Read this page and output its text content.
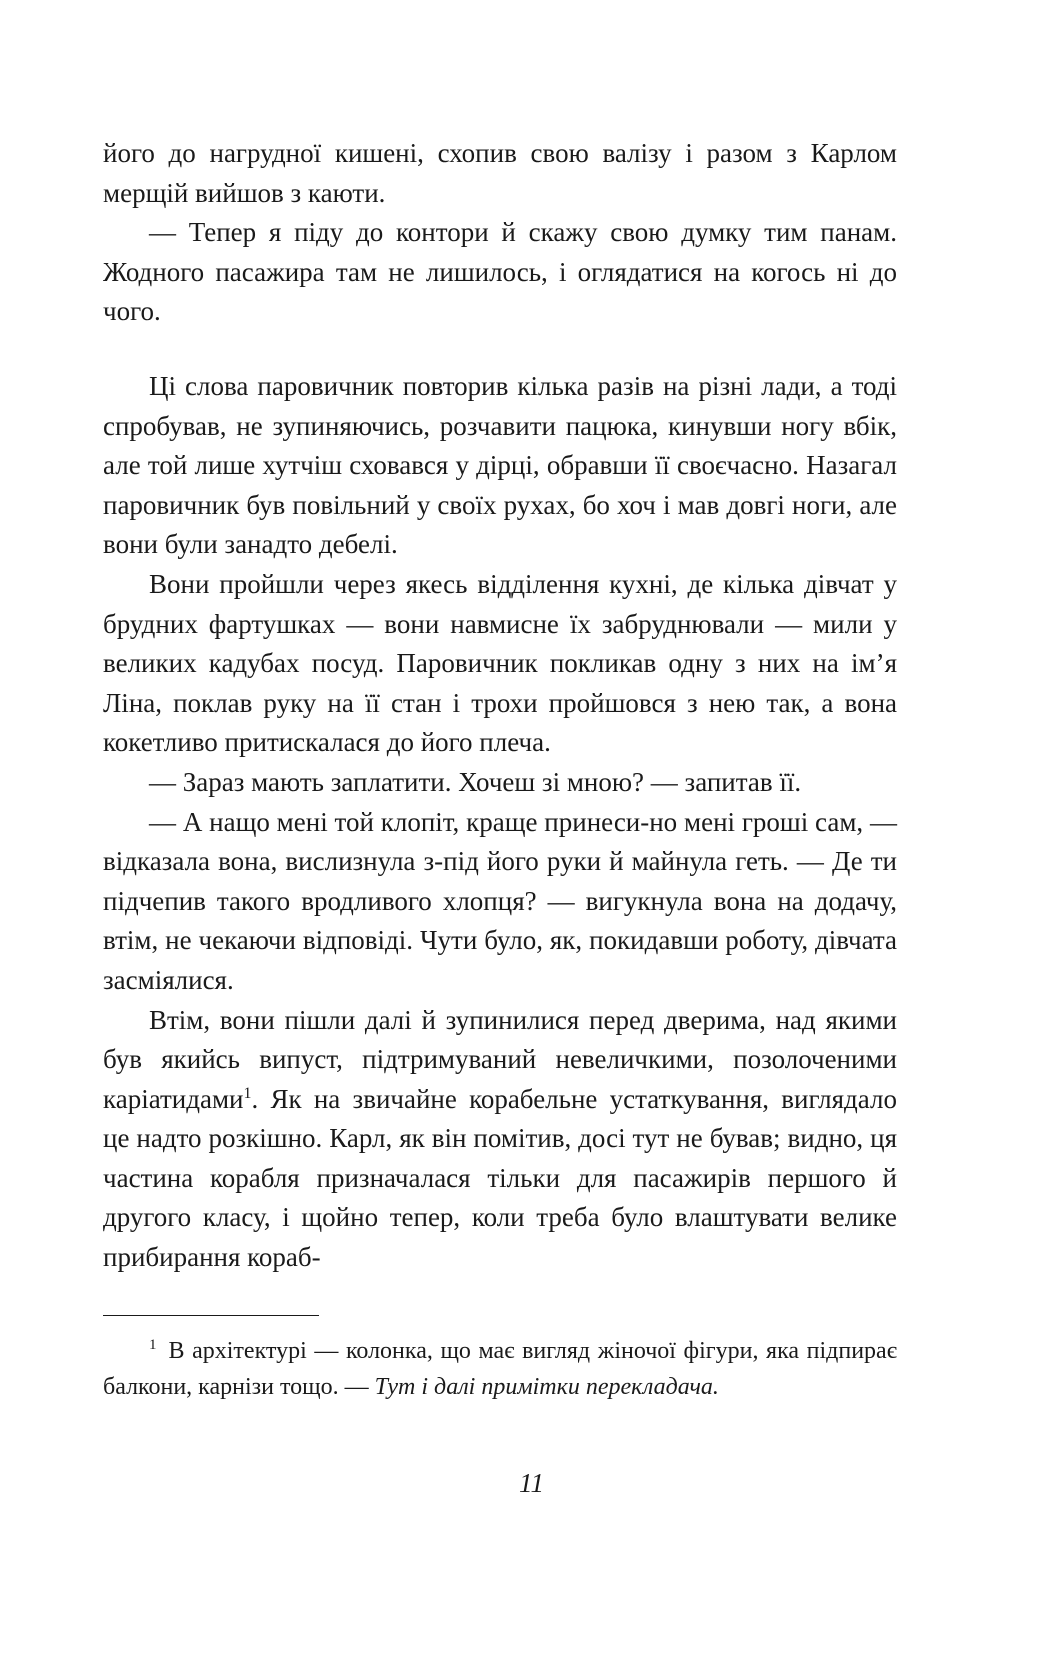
його до нагрудної кишені, схопив свою валізу і разом з Карлом мерщій вийшов з каюти.

— Тепер я піду до контори й скажу свою думку тим панам. Жодного пасажира там не лишилось, і оглядатися на когось ні до чого.

Ці слова паровичник повторив кілька разів на різні лади, а тоді спробував, не зупиняючись, розчавити пацюка, кинувши ногу вбік, але той лише хутчіш сховався у дірці, обравши її своєчасно. Назагал паровичник був повільний у своїх рухах, бо хоч і мав довгі ноги, але вони були занадто дебелі.

Вони пройшли через якесь відділення кухні, де кілька дівчат у брудних фартушках — вони навмисне їх забруднювали — мили у великих кадубах посуд. Паровичник покликав одну з них на ім’я Ліна, поклав руку на її стан і трохи пройшовся з нею так, а вона кокетливо притискалася до його плеча.

— Зараз мають заплатити. Хочеш зі мною? — запитав її.

— А нащо мені той клопіт, краще принеси-но мені гроші сам, — відказала вона, вислизнула з-під його руки й майнула геть. — Де ти підчепив такого вродливого хлопця? — вигукнула вона на додачу, втім, не чекаючи відповіді. Чути було, як, покидавши роботу, дівчата засміялися.

Втім, вони пішли далі й зупинилися перед дверима, над якими був якийсь випуст, підтримуваний невеличкими, позолоченими каріатидами$^1$. Як на звичайне корабельне устаткування, виглядало це надто розкішно. Карл, як він помітив, досі тут не бував; видно, ця частина корабля призначалася тільки для пасажирів першого й другого класу, і щойно тепер, коли треба було влаштувати велике прибирання кораб-

$^1$ В архітектурі — колонка, що має вигляд жіночої фігури, яка підпирає балкони, карнізи тощо. — Тут і далі примітки перекладача.

11
